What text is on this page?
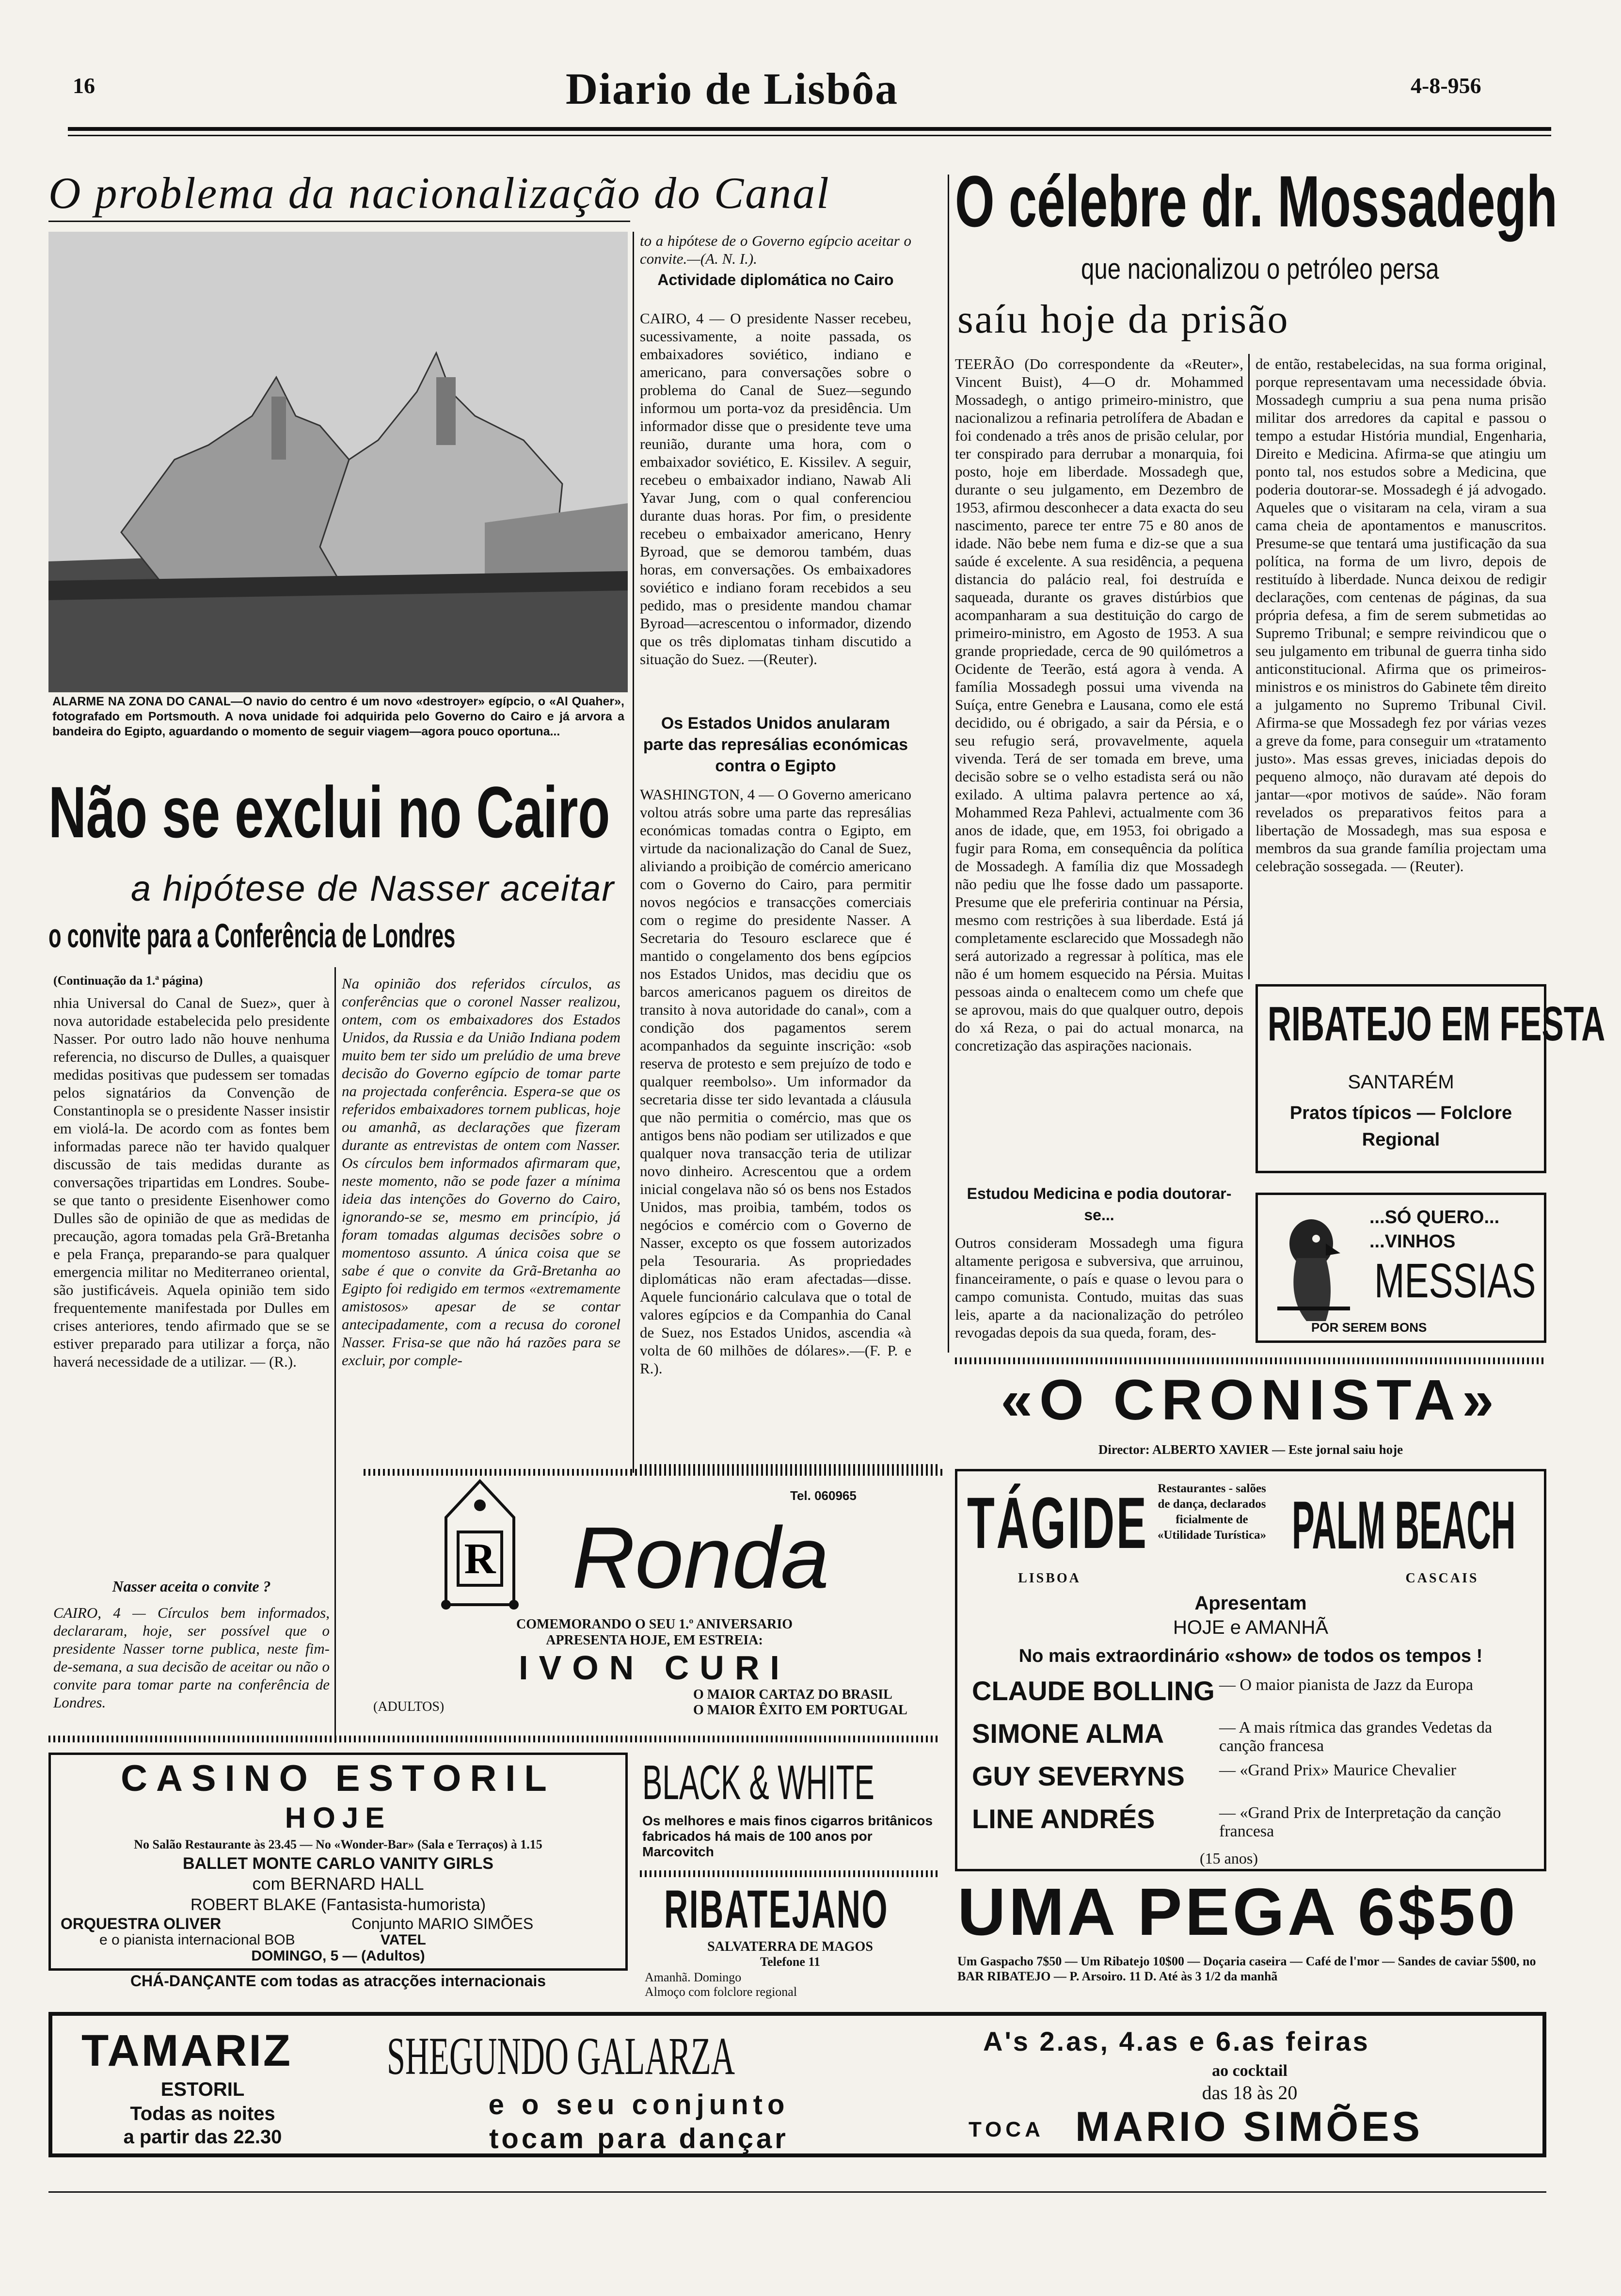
16	Diario de Lisbôa	4-8-956
O problema da nacionalização do Canal
ALARME NA ZONA DO CANAL—O navio do centro é um novo «destroyer» egípcio, o «Al Quaher», fotografado em Portsmouth. A nova unidade foi adquirida pelo Governo do Cairo e já arvora a bandeira do Egipto, aguardando o momento de seguir viagem—agora pouco oportuna...
Não se exclui no Cairo
a hipótese de Nasser aceitar
o convite para a Conferência de Londres
(Continuação da 1.ª página)
nhia Universal do Canal de Suez», quer à nova autoridade estabelecida pelo presidente Nasser. Por outro lado não houve nenhuma referencia, no discurso de Dulles, a quaisquer medidas positivas que pudessem ser tomadas pelos signatários da Convenção de Constantinopla se o presidente Nasser insistir em violá-la. De acordo com as fontes bem informadas parece não ter havido qualquer discussão de tais medidas durante as conversações tripartidas em Londres. Soube-se que tanto o presidente Eisenhower como Dulles são de opinião de que as medidas de precaução, agora tomadas pela Grã-Bretanha e pela França, preparando-se para qualquer emergencia militar no Mediterraneo oriental, são justificáveis. Aquela opinião tem sido frequentemente manifestada por Dulles em crises anteriores, tendo afirmado que se se estiver preparado para utilizar a força, não haverá necessidade de a utilizar. — (R.).
Nasser aceita o convite ?
CAIRO, 4 — Círculos bem informados, declararam, hoje, ser possível que o presidente Nasser torne publica, neste fim-de-semana, a sua decisão de aceitar ou não o convite para tomar parte na conferência de Londres.
Na opinião dos referidos círculos, as conferências que o coronel Nasser realizou, ontem, com os embaixadores dos Estados Unidos, da Russia e da União Indiana podem muito bem ter sido um prelúdio de uma breve decisão do Governo egípcio de tomar parte na projectada conferência. Espera-se que os referidos embaixadores tornem publicas, hoje ou amanhã, as declarações que fizeram durante as entrevistas de ontem com Nasser. Os círculos bem informados afirmaram que, neste momento, não se pode fazer a mínima ideia das intenções do Governo do Cairo, ignorando-se se, mesmo em princípio, já foram tomadas algumas decisões sobre o momentoso assunto. A única coisa que se sabe é que o convite da Grã-Bretanha ao Egipto foi redigido em termos «extremamente amistosos» apesar de se contar antecipadamente, com a recusa do coronel Nasser. Frisa-se que não há razões para se excluir, por comple-
to a hipótese de o Governo egípcio aceitar o convite.—(A. N. I.).
Actividade diplomática no Cairo
CAIRO, 4 — O presidente Nasser recebeu, sucessivamente, a noite passada, os embaixadores soviético, indiano e americano, para conversações sobre o problema do Canal de Suez—segundo informou um porta-voz da presidência. Um informador disse que o presidente teve uma reunião, durante uma hora, com o embaixador soviético, E. Kissilev. A seguir, recebeu o embaixador indiano, Nawab Ali Yavar Jung, com o qual conferenciou durante duas horas. Por fim, o presidente recebeu o embaixador americano, Henry Byroad, que se demorou também, duas horas, em conversações. Os embaixadores soviético e indiano foram recebidos a seu pedido, mas o presidente mandou chamar Byroad—acrescentou o informador, dizendo que os três diplomatas tinham discutido a situação do Suez. —(Reuter).
Os Estados Unidos anularam parte das represálias económicas contra o Egipto
WASHINGTON, 4 — O Governo americano voltou atrás sobre uma parte das represálias económicas tomadas contra o Egipto, em virtude da nacionalização do Canal de Suez, aliviando a proibição de comércio americano com o Governo do Cairo, para permitir novos negócios e transacções comerciais com o regime do presidente Nasser. A Secretaria do Tesouro esclarece que é mantido o congelamento dos bens egípcios nos Estados Unidos, mas decidiu que os barcos americanos paguem os direitos de transito à nova autoridade do canal», com a condição dos pagamentos serem acompanhados da seguinte inscrição: «sob reserva de protesto e sem prejuízo de todo e qualquer reembolso». Um informador da secretaria disse ter sido levantada a cláusula que não permitia o comércio, mas que os antigos bens não podiam ser utilizados e que qualquer nova transacção teria de utilizar novo dinheiro. Acrescentou que a ordem inicial congelava não só os bens nos Estados Unidos, mas proibia, também, todos os negócios e comércio com o Governo de Nasser, excepto os que fossem autorizados pela Tesouraria. As propriedades diplomáticas não eram afectadas—disse. Aquele funcionário calculava que o total de valores egípcios e da Companhia do Canal de Suez, nos Estados Unidos, ascendia «à volta de 60 milhões de dólares».—(F. P. e R.).
O célebre dr. Mossadegh
que nacionalizou o petróleo persa
saíu hoje da prisão
TEERÃO (Do correspondente da «Reuter», Vincent Buist), 4—O dr. Mohammed Mossadegh, o antigo primeiro-ministro, que nacionalizou a refinaria petrolífera de Abadan e foi condenado a três anos de prisão celular, por ter conspirado para derrubar a monarquia, foi posto, hoje em liberdade. Mossadegh que, durante o seu julgamento, em Dezembro de 1953, afirmou desconhecer a data exacta do seu nascimento, parece ter entre 75 e 80 anos de idade. Não bebe nem fuma e diz-se que a sua saúde é excelente. A sua residência, a pequena distancia do palácio real, foi destruída e saqueada, durante os graves distúrbios que acompanharam a sua destituição do cargo de primeiro-ministro, em Agosto de 1953. A sua grande propriedade, cerca de 90 quilómetros a Ocidente de Teerão, está agora à venda. A família Mossadegh possui uma vivenda na Suíça, entre Genebra e Lausana, como ele está decidido, ou é obrigado, a sair da Pérsia, e o seu refugio será, provavelmente, aquela vivenda. Terá de ser tomada em breve, uma decisão sobre se o velho estadista será ou não exilado. A ultima palavra pertence ao xá, Mohammed Reza Pahlevi, actualmente com 36 anos de idade, que, em 1953, foi obrigado a fugir para Roma, em consequência da política de Mossadegh. A família diz que Mossadegh não pediu que lhe fosse dado um passaporte. Presume que ele preferiria continuar na Pérsia, mesmo com restrições à sua liberdade. Está já completamente esclarecido que Mossadegh não será autorizado a regressar à política, mas ele não é um homem esquecido na Pérsia. Muitas pessoas ainda o enaltecem como um chefe que se aprovou, mais do que qualquer outro, depois do xá Reza, o pai do actual monarca, na concretização das aspirações nacionais.
Estudou Medicina e podia doutorar-se...
Outros consideram Mossadegh uma figura altamente perigosa e subversiva, que arruinou, financeiramente, o país e quase o levou para o campo comunista. Contudo, muitas das suas leis, aparte a da nacionalização do petróleo revogadas depois da sua queda, foram, des-
de então, restabelecidas, na sua forma original, porque representavam uma necessidade óbvia. Mossadegh cumpriu a sua pena numa prisão militar dos arredores da capital e passou o tempo a estudar História mundial, Engenharia, Direito e Medicina. Afirma-se que atingiu um ponto tal, nos estudos sobre a Medicina, que poderia doutorar-se. Mossadegh é já advogado. Aqueles que o visitaram na cela, viram a sua cama cheia de apontamentos e manuscritos. Presume-se que tentará uma justificação da sua política, na forma de um livro, depois de restituído à liberdade. Nunca deixou de redigir declarações, com centenas de páginas, da sua própria defesa, a fim de serem submetidas ao Supremo Tribunal; e sempre reivindicou que o seu julgamento em tribunal de guerra tinha sido anticonstitucional. Afirma que os primeiros-ministros e os ministros do Gabinete têm direito a julgamento no Supremo Tribunal Civil. Afirma-se que Mossadegh fez por várias vezes a greve da fome, para conseguir um «tratamento justo». Mas essas greves, iniciadas depois do pequeno almoço, não duravam até depois do jantar—«por motivos de saúde». Não foram revelados os preparativos feitos para a libertação de Mossadegh, mas sua esposa e membros da sua grande família projectam uma celebração sossegada. — (Reuter).
RIBATEJO EM FESTA
SANTARÉM
Pratos típicos — Folclore
Regional
...SÓ QUERO...
...VINHOS
MESSIAS
POR SEREM BONS
«O CRONISTA»
Director: ALBERTO XAVIER — Este jornal saiu hoje
TÁGIDE
LISBOA
Restaurantes - salões de dança, declarados ficialmente de «Utilidade Turística» PALM BEACH
CASCAIS
Apresentam
HOJE e AMANHÃ
No mais extraordinário «show» de todos os tempos !
CLAUDE BOLLING — O maior pianista de Jazz da Europa
SIMONE ALMA	— A mais rítmica das grandes Vedetas da canção francesa
GUY SEVERYNS — «Grand Prix» Maurice Chevalier
LINE ANDRÉS	— «Grand Prix de Interpretação da canção francesa
(15 anos)
UMA PEGA 6$50
Um Gaspacho 7$50 — Um Ribatejo 10$00 — Doçaria caseira — Café de l'mor — Sandes de caviar 5$00, no BAR RIBATEJO — P. Arsoiro. 11 D. Até às 3 1/2 da manhã
R
Tel. 060965
Ronda
COMEMORANDO O SEU 1.º ANIVERSARIO
APRESENTA HOJE, EM ESTREIA:
IVON CURI
(ADULTOS)
O MAIOR CARTAZ DO BRASIL
O MAIOR ÊXITO EM PORTUGAL
CASINO ESTORIL
HOJE
No Salão Restaurante às 23.45 — No «Wonder-Bar» (Sala e Terraços) à 1.15
BALLET MONTE CARLO VANITY GIRLS
com BERNARD HALL
ROBERT BLAKE (Fantasista-humorista)
ORQUESTRA OLIVER	Conjunto MARIO SIMÕES
e o pianista internacional BOB	VATEL
DOMINGO, 5 — (Adultos)
CHÁ-DANÇANTE com todas as atracções internacionais
BLACK & WHITE
Os melhores e mais finos cigarros britânicos fabricados há mais de 100 anos por Marcovitch
RIBATEJANO
SALVATERRA DE MAGOS
Telefone 11
Amanhã. Domingo
Almoço com folclore regional
TAMARIZ
ESTORIL
Todas as noites
a partir das 22.30
SHEGUNDO GALARZA
e o seu conjunto
tocam para dançar
A's 2.as, 4.as e 6.as feiras
ao cocktail
das 18 às 20
TOCA MARIO SIMÕES
